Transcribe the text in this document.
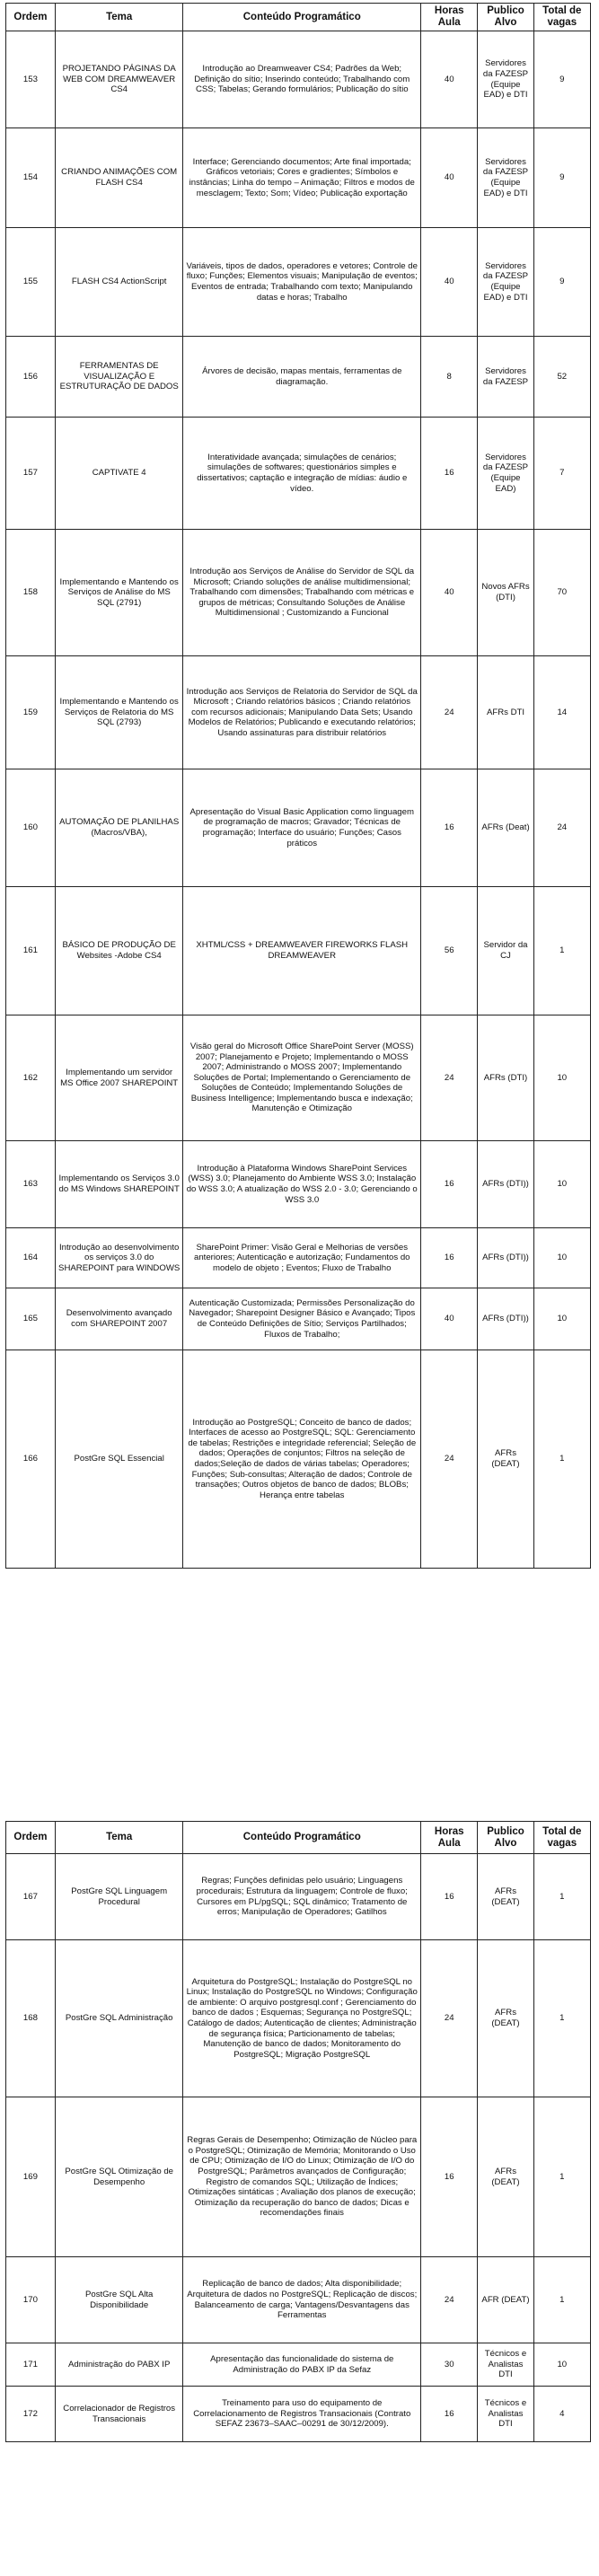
Ordem	Tema	Conteúdo Programático	Horas Aula	Publico Alvo	Total de vagas
153	PROJETANDO PÁGINAS DA WEB COM DREAMWEAVER CS4	Introdução ao Dreamweaver CS4; Padrões da Web; Definição do sítio; Inserindo conteúdo; Trabalhando com CSS; Tabelas; Gerando formulários; Publicação do sítio	40	Servidores da FAZESP (Equipe EAD) e DTI	9
154	CRIANDO ANIMAÇÕES COM FLASH CS4	Interface; Gerenciando documentos; Arte final importada; Gráficos vetoriais; Cores e gradientes; Símbolos e instâncias; Linha do tempo – Animação; Filtros e modos de mesclagem; Texto; Som; Vídeo; Publicação exportação	40	Servidores da FAZESP (Equipe EAD) e DTI	9
155	FLASH CS4 ActionScript	Variáveis, tipos de dados, operadores e vetores; Controle de fluxo; Funções; Elementos visuais; Manipulação de eventos; Eventos de entrada; Trabalhando com texto; Manipulando datas e horas; Trabalho	40	Servidores da FAZESP (Equipe EAD) e DTI	9
156	FERRAMENTAS DE VISUALIZAÇÃO E ESTRUTURAÇÃO DE DADOS	Árvores de decisão, mapas mentais, ferramentas de diagramação.	8	Servidores da FAZESP	52
157	CAPTIVATE 4	Interatividade avançada; simulações de cenários; simulações de softwares; questionários simples e dissertativos; captação e integração de mídias: áudio e vídeo.	16	Servidores da FAZESP (Equipe EAD)	7
158	Implementando e Mantendo os Serviços de Análise do MS SQL (2791)	Introdução aos Serviços de Análise do Servidor de SQL da Microsoft; Criando soluções de análise multidimensional; Trabalhando com dimensões; Trabalhando com métricas e grupos de métricas; Consultando Soluções de Análise Multidimensional ; Customizando a Funcional	40	Novos AFRs (DTI)	70
159	Implementando e Mantendo os Serviços de Relatoria do MS SQL (2793)	Introdução aos Serviços de Relatoria do Servidor de SQL da Microsoft ; Criando relatórios básicos ; Criando relatórios com recursos adicionais; Manipulando Data Sets; Usando Modelos de Relatórios; Publicando e executando relatórios; Usando assinaturas para distribuir relatórios	24	AFRs DTI	14
160	AUTOMAÇÃO DE PLANILHAS (Macros/VBA),	Apresentação do Visual Basic Application como linguagem de programação de macros; Gravador; Técnicas de programação; Interface do usuário; Funções; Casos práticos	16	AFRs (Deat)	24
161	BÁSICO DE PRODUÇÃO DE Websites -Adobe CS4	XHTML/CSS + DREAMWEAVER FIREWORKS FLASH DREAMWEAVER	56	Servidor da CJ	1
162	Implementando um servidor MS Office 2007 SHAREPOINT	Visão geral do Microsoft Office SharePoint Server (MOSS) 2007; Planejamento e Projeto; Implementando o MOSS 2007; Administrando o MOSS 2007; Implementando Soluções de Portal; Implementando o Gerenciamento de Soluções de Conteúdo; Implementando Soluções de Business Intelligence; Implementando busca e indexação; Manutenção e Otimização	24	AFRs (DTI)	10
163	Implementando os Serviços 3.0 do MS Windows SHAREPOINT	Introdução à Plataforma Windows SharePoint Services (WSS) 3.0; Planejamento do Ambiente WSS 3.0; Instalação do WSS 3.0; A atualização do WSS 2.0 - 3.0; Gerenciando o WSS 3.0	16	AFRs (DTI))	10
164	Introdução ao desenvolvimento os serviços 3.0 do SHAREPOINT para WINDOWS	SharePoint Primer: Visão Geral e Melhorias de versões anteriores; Autenticação e autorização; Fundamentos do modelo de objeto ; Eventos; Fluxo de Trabalho	16	AFRs (DTI))	10
165	Desenvolvimento avançado com SHAREPOINT 2007	Autenticação Customizada; Permissões Personalização do Navegador; Sharepoint Designer Básico e Avançado; Tipos de Conteúdo Definições de Sítio; Serviços Partilhados; Fluxos de Trabalho;	40	AFRs (DTI))	10
166	PostGre SQL Essencial	Introdução ao PostgreSQL; Conceito de banco de dados; Interfaces de acesso ao PostgreSQL; SQL: Gerenciamento de tabelas; Restrições e integridade referencial; Seleção de dados; Operações de conjuntos; Filtros na seleção de dados;Seleção de dados de várias tabelas; Operadores; Funções; Sub-consultas; Alteração de dados; Controle de transações; Outros objetos de banco de dados; BLOBs; Herança entre tabelas	24	AFRs (DEAT)	1
Ordem	Tema	Conteúdo Programático	Horas Aula	Publico Alvo	Total de vagas
167	PostGre SQL Linguagem Procedural	Regras; Funções definidas pelo usuário; Linguagens procedurais; Estrutura da linguagem; Controle de fluxo; Cursores em PL/pgSQL; SQL dinâmico; Tratamento de erros; Manipulação de Operadores; Gatilhos	16	AFRs (DEAT)	1
168	PostGre SQL Administração	Arquitetura do PostgreSQL; Instalação do PostgreSQL no Linux; Instalação do PostgreSQL no Windows; Configuração de ambiente: O arquivo postgresql.conf ; Gerenciamento do banco de dados ; Esquemas; Segurança no PostgreSQL; Catálogo de dados; Autenticação de clientes; Administração de segurança física; Particionamento de tabelas; Manutenção de banco de dados; Monitoramento do PostgreSQL; Migração PostgreSQL	24	AFRs (DEAT)	1
169	PostGre SQL Otimização de Desempenho	Regras Gerais de Desempenho; Otimização de Núcleo para o PostgreSQL; Otimização de Memória; Monitorando o Uso de CPU; Otimização de I/O do Linux; Otimização de I/O do PostgreSQL; Parâmetros avançados de Configuração; Registro de comandos SQL; Utilização de Índices; Otimizações sintáticas ; Avaliação dos planos de execução; Otimização da recuperação do banco de dados; Dicas e recomendações finais	16	AFRs (DEAT)	1
170	PostGre SQL Alta Disponibilidade	Replicação de banco de dados; Alta disponibilidade; Arquitetura de dados no PostgreSQL; Replicação de discos; Balanceamento de carga; Vantagens/Desvantagens das Ferramentas	24	AFR (DEAT)	1
171	Administração do PABX IP	Apresentação das funcionalidade do sistema de Administração do PABX IP da Sefaz	30	Técnicos e Analistas DTI	10
172	Correlacionador de Registros Transacionais	Treinamento para uso do equipamento de Correlacionamento de Registros Transacionais (Contrato SEFAZ 23673–SAAC–00291 de 30/12/2009).	16	Técnicos e Analistas DTI	4
